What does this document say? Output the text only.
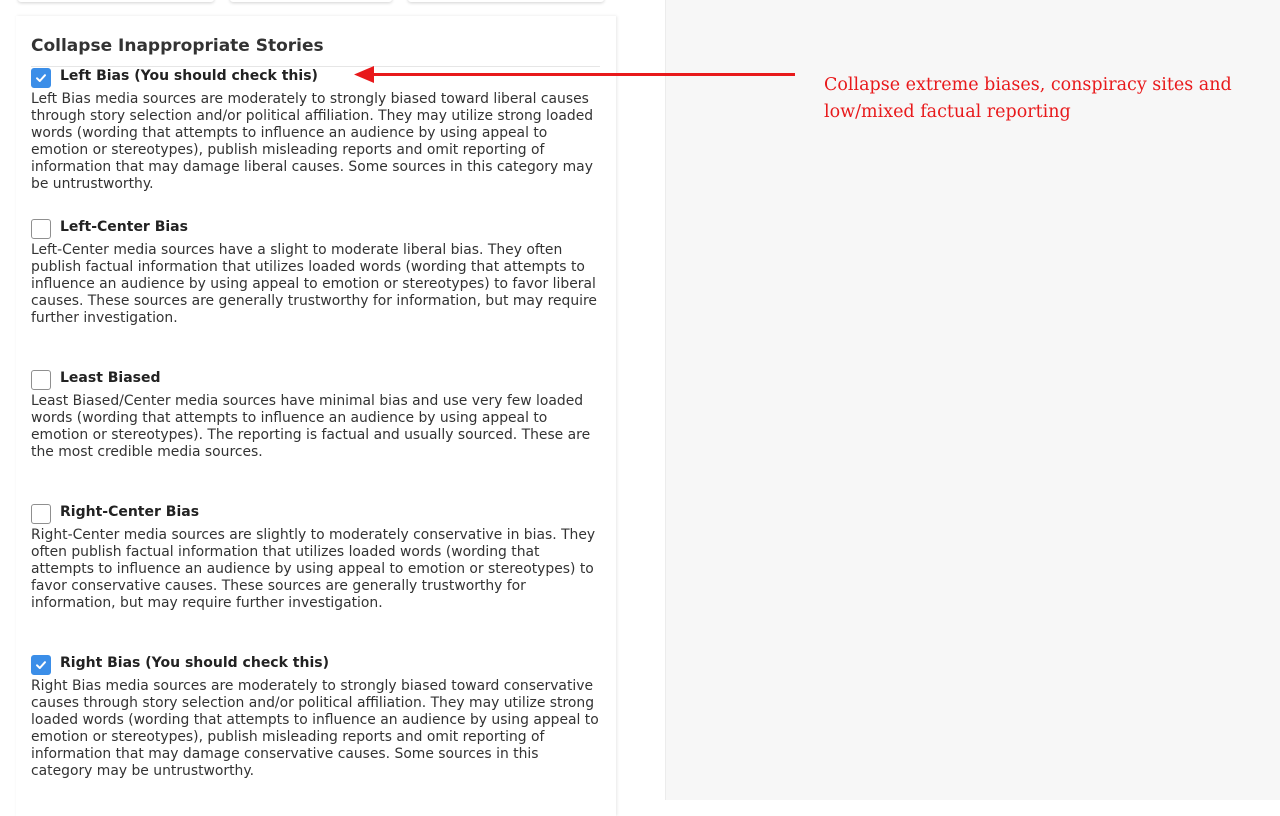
Collapse Inappropriate Stories
Left Bias (You should check this)
Left Bias media sources are moderately to strongly biased toward liberal causes through story selection and/or political affiliation. They may utilize strong loaded words (wording that attempts to influence an audience by using appeal to emotion or stereotypes), publish misleading reports and omit reporting of information that may damage liberal causes. Some sources in this category may be untrustworthy.
Left-Center Bias
Left-Center media sources have a slight to moderate liberal bias. They often publish factual information that utilizes loaded words (wording that attempts to influence an audience by using appeal to emotion or stereotypes) to favor liberal causes. These sources are generally trustworthy for information, but may require further investigation.
Least Biased
Least Biased/Center media sources have minimal bias and use very few loaded words (wording that attempts to influence an audience by using appeal to emotion or stereotypes). The reporting is factual and usually sourced. These are the most credible media sources.
Right-Center Bias
Right-Center media sources are slightly to moderately conservative in bias. They often publish factual information that utilizes loaded words (wording that attempts to influence an audience by using appeal to emotion or stereotypes) to favor conservative causes. These sources are generally trustworthy for information, but may require further investigation.
Right Bias (You should check this)
Right Bias media sources are moderately to strongly biased toward conservative causes through story selection and/or political affiliation. They may utilize strong loaded words (wording that attempts to influence an audience by using appeal to emotion or stereotypes), publish misleading reports and omit reporting of information that may damage conservative causes. Some sources in this category may be untrustworthy.
Collapse extreme biases, conspiracy sites and low/mixed factual reporting
